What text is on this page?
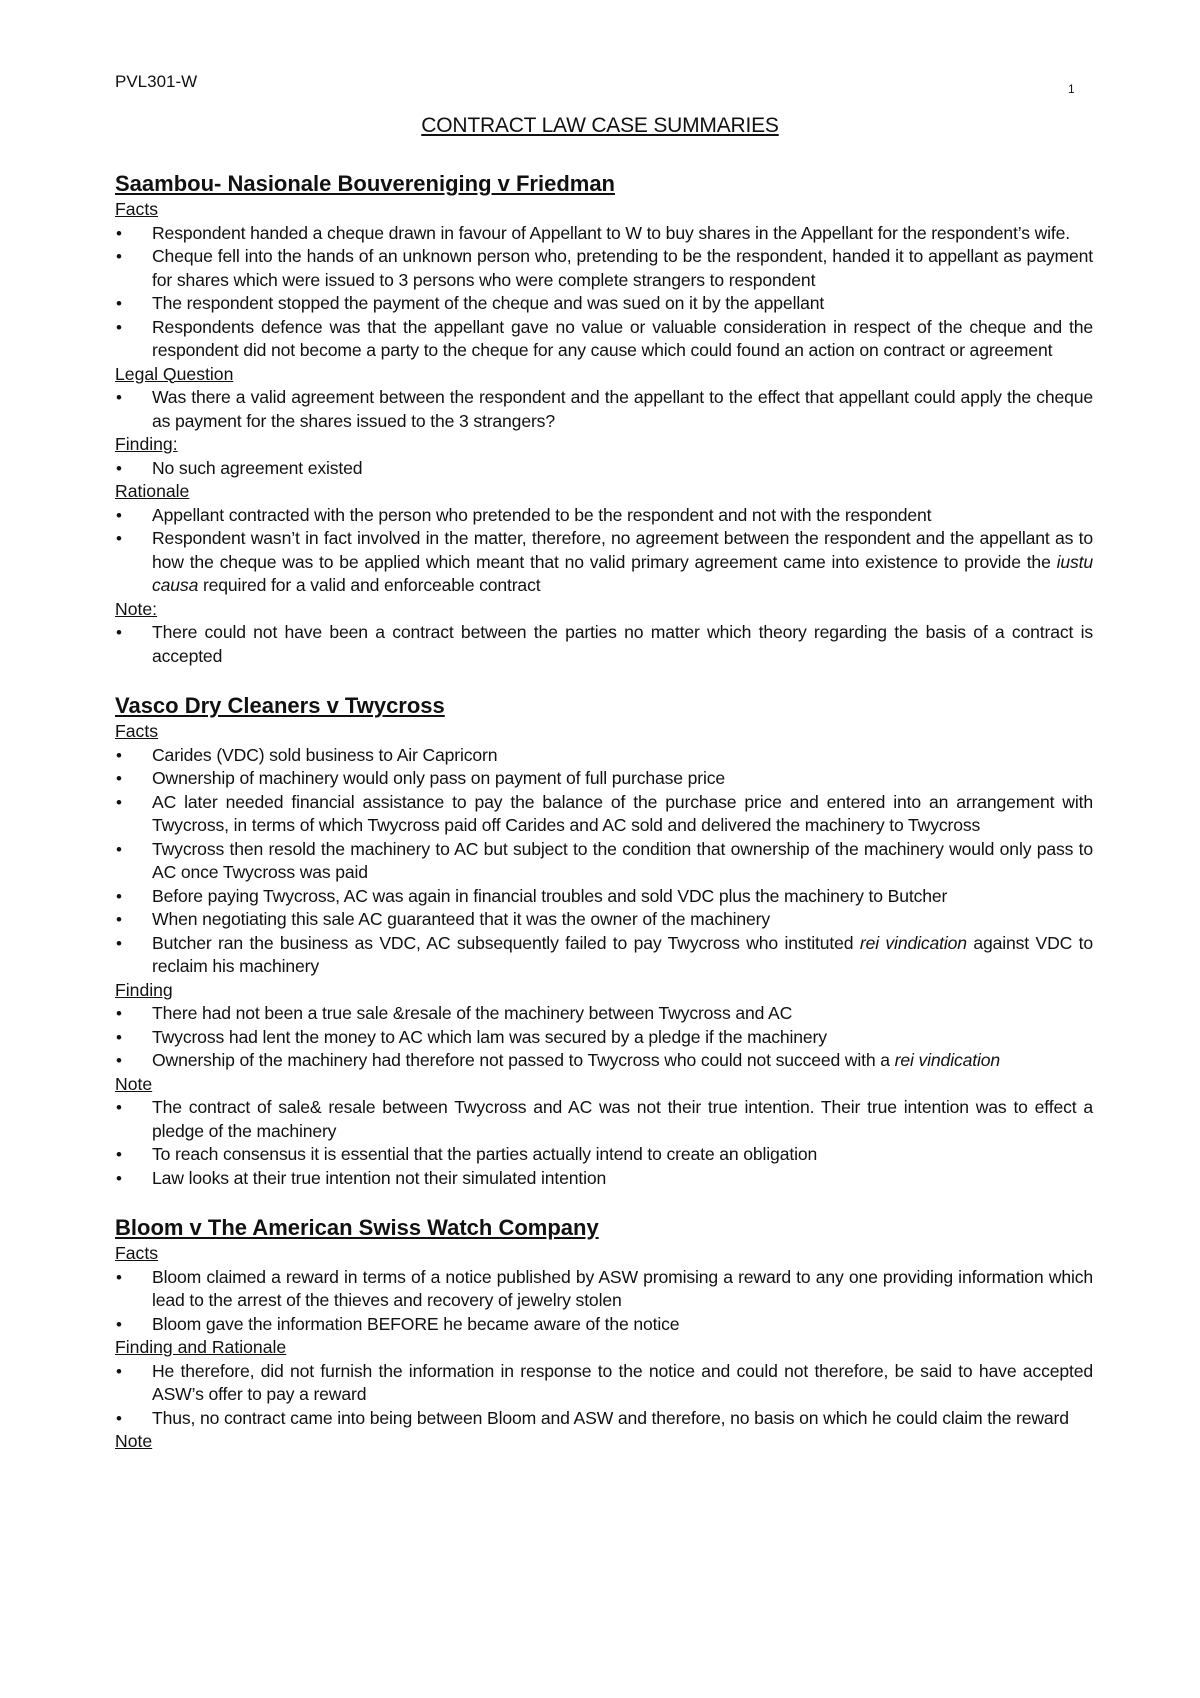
PVL301-W	1
CONTRACT LAW CASE SUMMARIES
Saambou- Nasionale Bouvereniging v Friedman
Facts
• Respondent handed a cheque drawn in favour of Appellant to W to buy shares in the Appellant for the respondent’s wife.
• Cheque fell into the hands of an unknown person who, pretending to be the respondent, handed it to appellant as payment for shares which were issued to 3 persons who were complete strangers to respondent
• The respondent stopped the payment of the cheque and was sued on it by the appellant
• Respondents defence was that the appellant gave no value or valuable consideration in respect of the cheque and the respondent did not become a party to the cheque for any cause which could found an action on contract or agreement
Legal Question
• Was there a valid agreement between the respondent and the appellant to the effect that appellant could apply the cheque as payment for the shares issued to the 3 strangers?
Finding:
• No such agreement existed
Rationale
• Appellant contracted with the person who pretended to be the respondent and not with the respondent
• Respondent wasn’t in fact involved in the matter, therefore, no agreement between the respondent and the appellant as to how the cheque was to be applied which meant that no valid primary agreement came into existence to provide the iustu causa required for a valid and enforceable contract
Note:
• There could not have been a contract between the parties no matter which theory regarding the basis of a contract is accepted
Vasco Dry Cleaners v Twycross
Facts
• Carides (VDC) sold business to Air Capricorn
• Ownership of machinery would only pass on payment of full purchase price
• AC later needed financial assistance to pay the balance of the purchase price and entered into an arrangement with Twycross, in terms of which Twycross paid off Carides and AC sold and delivered the machinery to Twycross
• Twycross then resold the machinery to AC but subject to the condition that ownership of the machinery would only pass to AC once Twycross was paid
• Before paying Twycross, AC was again in financial troubles and sold VDC plus the machinery to Butcher
• When negotiating this sale AC guaranteed that it was the owner of the machinery
• Butcher ran the business as VDC, AC subsequently failed to pay Twycross who instituted rei vindication against VDC to reclaim his machinery
Finding
• There had not been a true sale &resale of the machinery between Twycross and AC
• Twycross had lent the money to AC which lam was secured by a pledge if the machinery
• Ownership of the machinery had therefore not passed to Twycross who could not succeed with a rei vindication
Note
• The contract of sale& resale between Twycross and AC was not their true intention. Their true intention was to effect a pledge of the machinery
• To reach consensus it is essential that the parties actually intend to create an obligation
• Law looks at their true intention not their simulated intention
Bloom v The American Swiss Watch Company
Facts
• Bloom claimed a reward in terms of a notice published by ASW promising a reward to any one providing information which lead to the arrest of the thieves and recovery of jewelry stolen
• Bloom gave the information BEFORE he became aware of the notice
Finding and Rationale
• He therefore, did not furnish the information in response to the notice and could not therefore, be said to have accepted ASW’s offer to pay a reward
• Thus, no contract came into being between Bloom and ASW and therefore, no basis on which he could claim the reward
Note
